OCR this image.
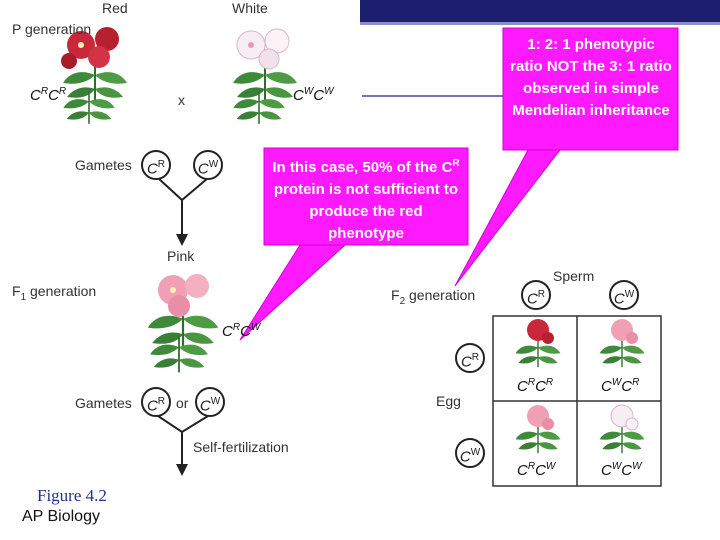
Red	White
P generation
$C^RC^R$
x	$C^WC^W$
Gametes	$C^R$	$C^W$
Pink
$F_1$ generation
$C^RC^W$
Gametes	$C^R$ or $C^W$
Self-fertilization
$F_2$ generation
Sperm
$C^R$	$C^W$
Egg
$C^R$
$C^W$
$C^RC^R$	$C^WC^R$
$C^RC^W$	$C^WC^W$
1: 2: 1 phenotypic ratio NOT the 3: 1 ratio observed in simple Mendelian inheritance
In this case, 50% of the $C^R$ protein is not sufficient to produce the red phenotype
Figure 4.2
AP Biology
